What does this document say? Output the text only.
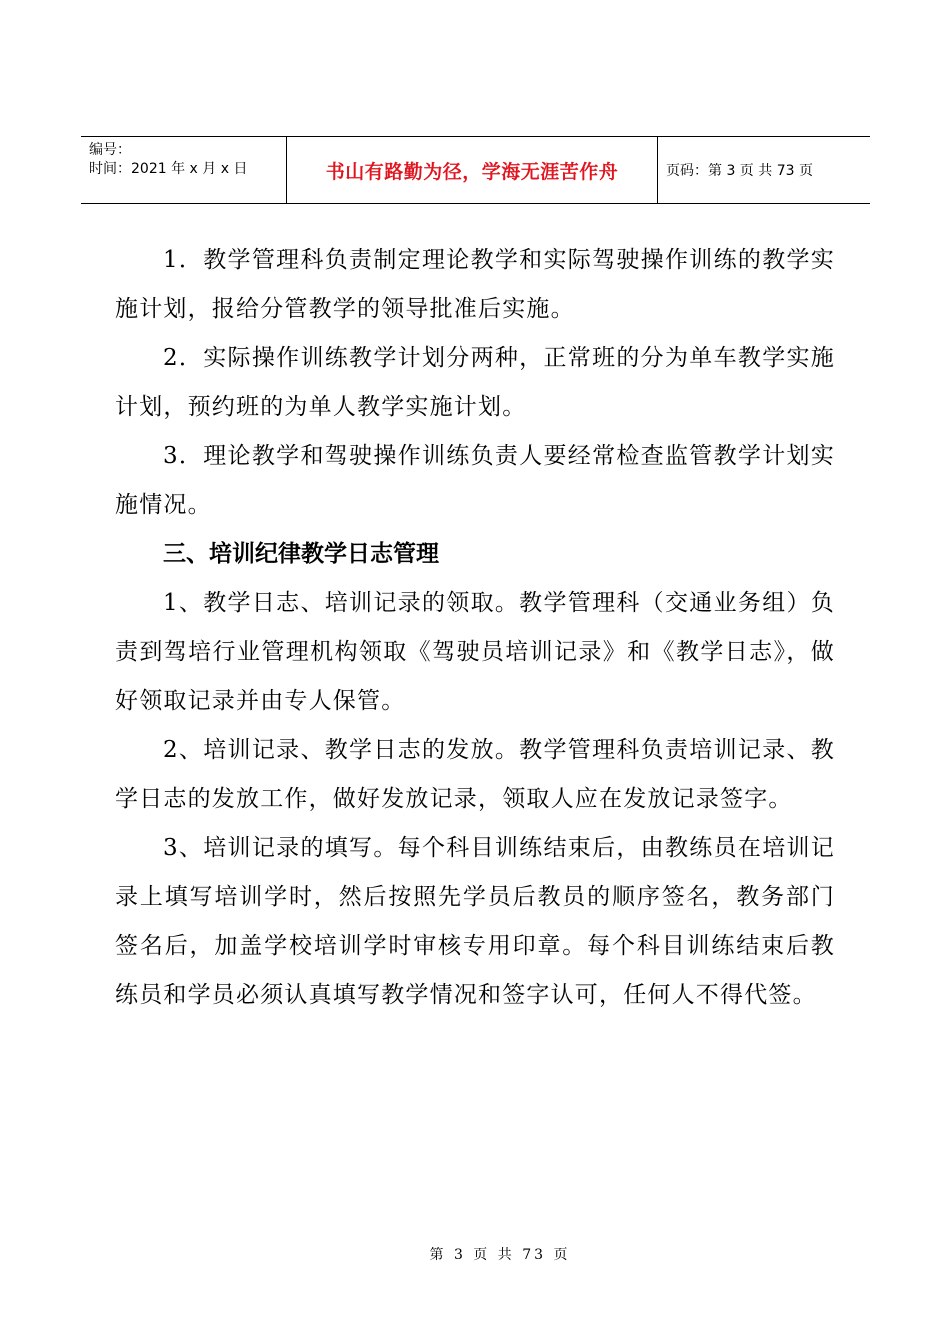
编号：
时间：2021 年 x 月 x 日	书山有路勤为径，学海无涯苦作舟	页码：第 3 页 共 73 页

1．教学管理科负责制定理论教学和实际驾驶操作训练的教学实施计划，报给分管教学的领导批准后实施。

2．实际操作训练教学计划分两种，正常班的分为单车教学实施计划，预约班的为单人教学实施计划。

3．理论教学和驾驶操作训练负责人要经常检查监管教学计划实施情况。

三、培训纪律教学日志管理

1、教学日志、培训记录的领取。教学管理科（交通业务组）负责到驾培行业管理机构领取《驾驶员培训记录》和《教学日志》，做好领取记录并由专人保管。

2、培训记录、教学日志的发放。教学管理科负责培训记录、教学日志的发放工作，做好发放记录，领取人应在发放记录签字。

3、培训记录的填写。每个科目训练结束后，由教练员在培训记录上填写培训学时，然后按照先学员后教员的顺序签名，教务部门签名后，加盖学校培训学时审核专用印章。每个科目训练结束后教练员和学员必须认真填写教学情况和签字认可，任何人不得代签。

第 3 页 共 73 页
